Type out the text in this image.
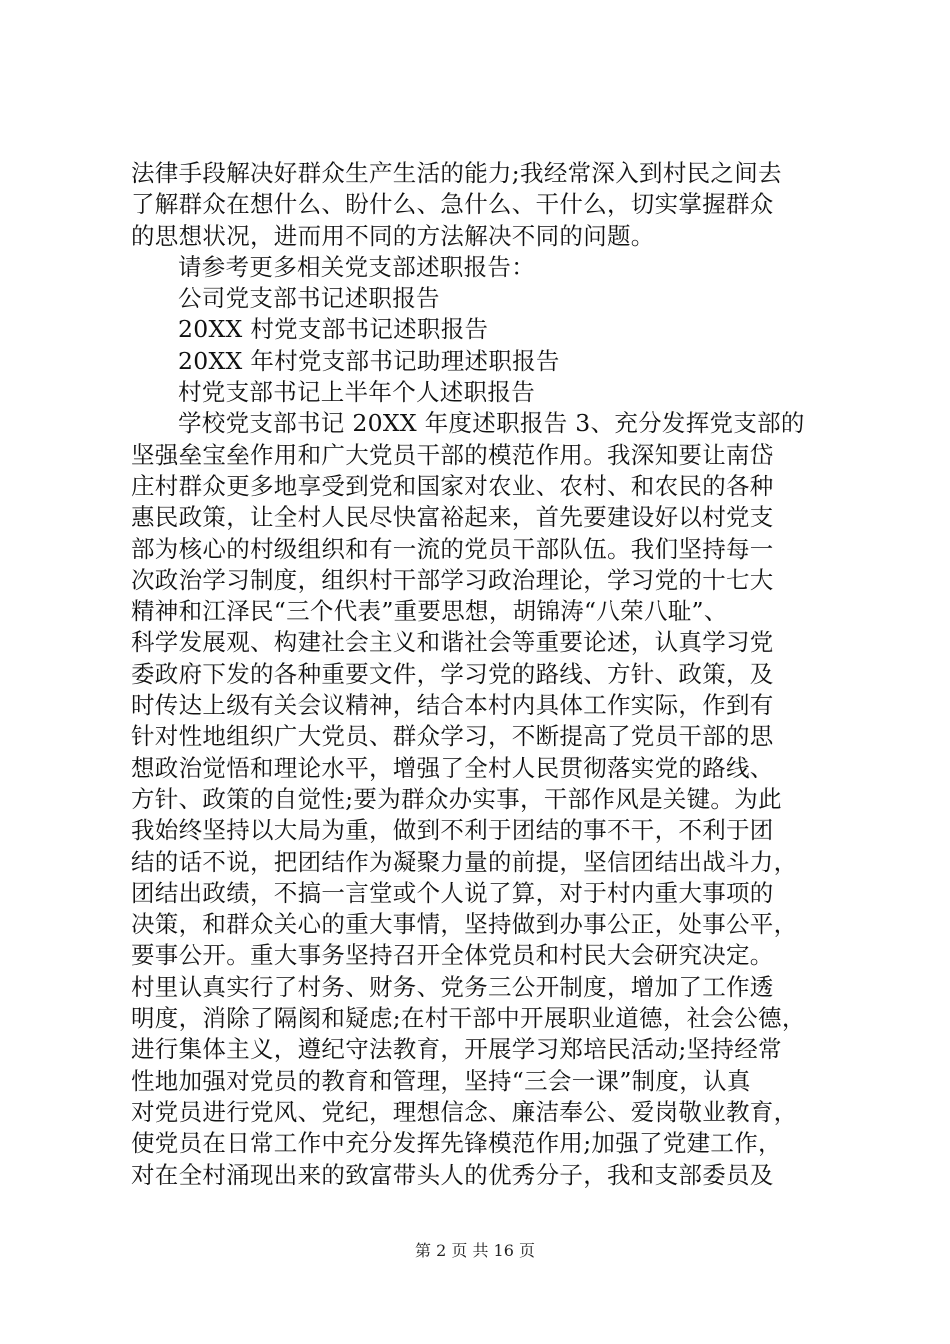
法律手段解决好群众生产生活的能力;我经常深入到村民之间去
了解群众在想什么、盼什么、急什么、干什么，切实掌握群众
的思想状况，进而用不同的方法解决不同的问题。
请参考更多相关党支部述职报告：
公司党支部书记述职报告
20XX 村党支部书记述职报告
20XX 年村党支部书记助理述职报告
村党支部书记上半年个人述职报告
学校党支部书记 20XX 年度述职报告 3、充分发挥党支部的
坚强垒宝垒作用和广大党员干部的模范作用。我深知要让南岱
庄村群众更多地享受到党和国家对农业、农村、和农民的各种
惠民政策，让全村人民尽快富裕起来，首先要建设好以村党支
部为核心的村级组织和有一流的党员干部队伍。我们坚持每一
次政治学习制度，组织村干部学习政治理论，学习党的十七大
精神和江泽民“三个代表”重要思想，胡锦涛“八荣八耻”、
科学发展观、构建社会主义和谐社会等重要论述，认真学习党
委政府下发的各种重要文件，学习党的路线、方针、政策，及
时传达上级有关会议精神，结合本村内具体工作实际，作到有
针对性地组织广大党员、群众学习，不断提高了党员干部的思
想政治觉悟和理论水平，增强了全村人民贯彻落实党的路线、
方针、政策的自觉性;要为群众办实事，干部作风是关键。为此
我始终坚持以大局为重，做到不利于团结的事不干，不利于团
结的话不说，把团结作为凝聚力量的前提，坚信团结出战斗力，
团结出政绩，不搞一言堂或个人说了算，对于村内重大事项的
决策，和群众关心的重大事情，坚持做到办事公正，处事公平，
要事公开。重大事务坚持召开全体党员和村民大会研究决定。
村里认真实行了村务、财务、党务三公开制度，增加了工作透
明度，消除了隔阂和疑虑;在村干部中开展职业道德，社会公德，
进行集体主义，遵纪守法教育，开展学习郑培民活动;坚持经常
性地加强对党员的教育和管理，坚持“三会一课”制度，认真
对党员进行党风、党纪，理想信念、廉洁奉公、爱岗敬业教育，
使党员在日常工作中充分发挥先锋模范作用;加强了党建工作，
对在全村涌现出来的致富带头人的优秀分子，我和支部委员及
第 2 页 共 16 页
